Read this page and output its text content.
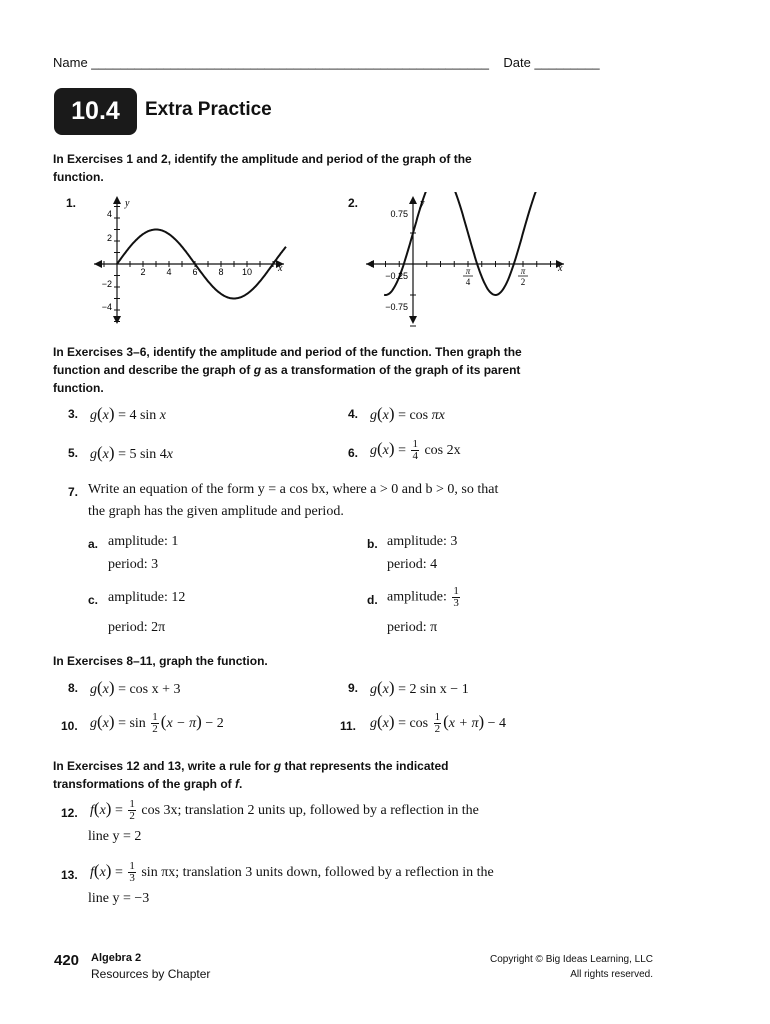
Name _______________________________________________________ Date _________
10.4	Extra Practice
In Exercises 1 and 2, identify the amplitude and period of the graph of the function.
1.	y
x
4
2
−2
−4
2 4 6 8 10
2.	y
x
0.75
−0.25
−0.75
π
4
π
2
In Exercises 3–6, identify the amplitude and period of the function. Then graph the function and describe the graph of g as a transformation of the graph of its parent function.
3. g(x) = 4 sin x	4. g(x) = cos πx
5. g(x) = 5 sin 4x	6. $g(x) = \frac{1}{4}$ cos 2x
7. Write an equation of the form y = a cos bx, where a > 0 and b > 0, so that
the graph has the given amplitude and period.
a. amplitude: 1
period: 3
b. amplitude: 3
period: 4
c. amplitude: 12
period: 2π
d. amplitude: $\frac{1}{3}$
period: π
In Exercises 8–11, graph the function.
8. g(x) = cos x + 3	9. g(x) = 2 sin x − 1
10. $g(x) = \sin \frac{1}{2} (x - \pi) - 2$	11. $g(x) = \cos \frac{1}{2} (x + \pi) - 4$
In Exercises 12 and 13, write a rule for g that represents the indicated transformations of the graph of f.
12. $f(x) = \frac{1}{2}$ cos 3x; translation 2 units up, followed by a reflection in the
line y = 2
13. $f(x) = \frac{1}{3}$ sin πx; translation 3 units down, followed by a reflection in the
line y = −3
420 Algebra 2
Resources by Chapter
Copyright © Big Ideas Learning, LLC
All rights reserved.
